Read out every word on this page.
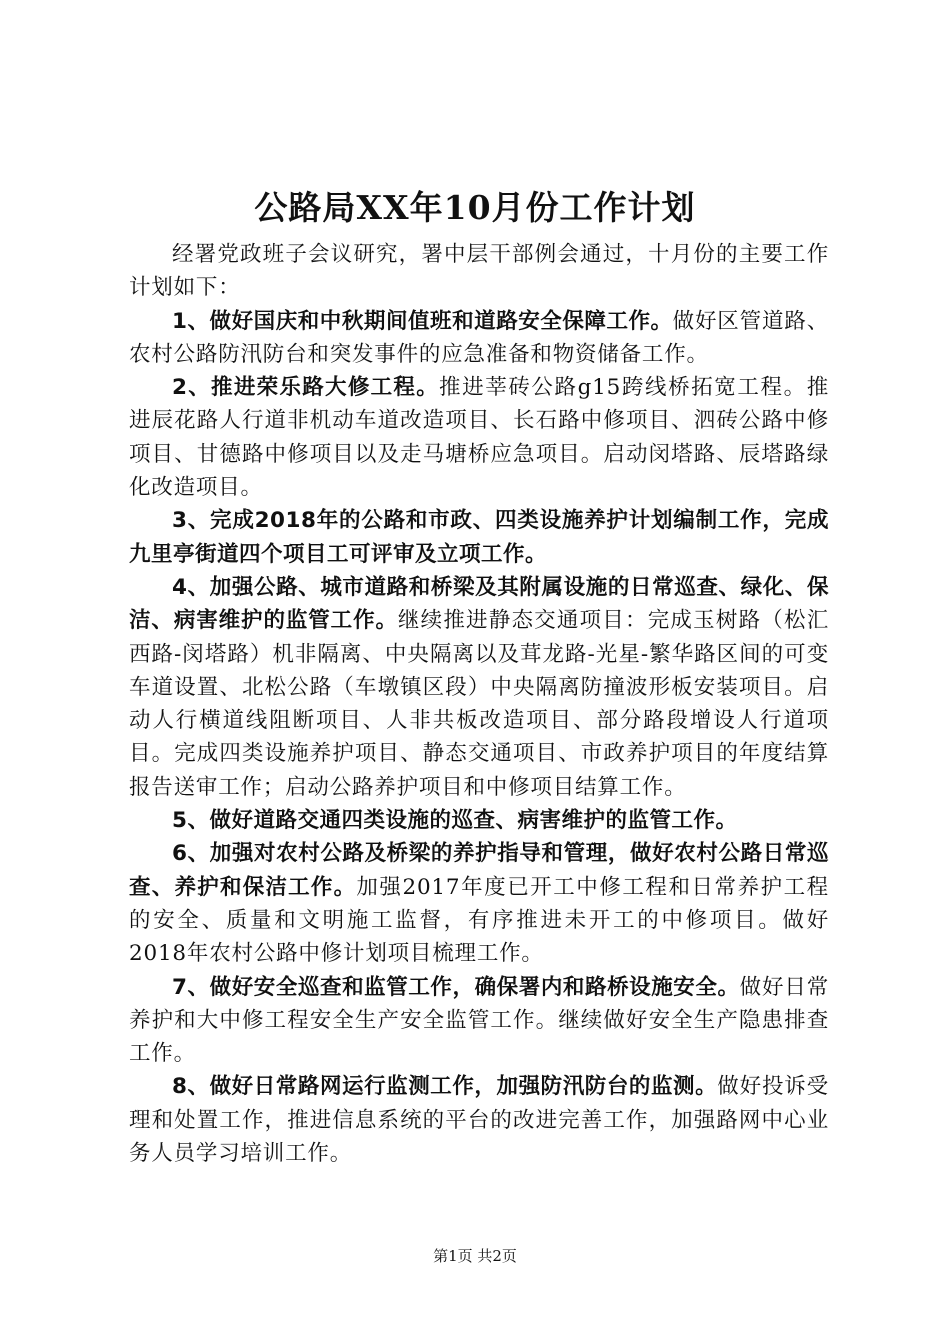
公路局XX年10月份工作计划

经署党政班子会议研究，署中层干部例会通过，十月份的主要工作计划如下：

1、做好国庆和中秋期间值班和道路安全保障工作。做好区管道路、农村公路防汛防台和突发事件的应急准备和物资储备工作。

2、推进荣乐路大修工程。推进莘砖公路g15跨线桥拓宽工程。推进辰花路人行道非机动车道改造项目、长石路中修项目、泗砖公路中修项目、甘德路中修项目以及走马塘桥应急项目。启动闵塔路、辰塔路绿化改造项目。

3、完成2018年的公路和市政、四类设施养护计划编制工作，完成九里亭街道四个项目工可评审及立项工作。

4、加强公路、城市道路和桥梁及其附属设施的日常巡查、绿化、保洁、病害维护的监管工作。继续推进静态交通项目：完成玉树路（松汇西路-闵塔路）机非隔离、中央隔离以及茸龙路-光星-繁华路区间的可变车道设置、北松公路（车墩镇区段）中央隔离防撞波形板安装项目。启动人行横道线阻断项目、人非共板改造项目、部分路段增设人行道项目。完成四类设施养护项目、静态交通项目、市政养护项目的年度结算报告送审工作；启动公路养护项目和中修项目结算工作。

5、做好道路交通四类设施的巡查、病害维护的监管工作。

6、加强对农村公路及桥梁的养护指导和管理，做好农村公路日常巡查、养护和保洁工作。加强2017年度已开工中修工程和日常养护工程的安全、质量和文明施工监督，有序推进未开工的中修项目。做好2018年农村公路中修计划项目梳理工作。

7、做好安全巡查和监管工作，确保署内和路桥设施安全。做好日常养护和大中修工程安全生产安全监管工作。继续做好安全生产隐患排查工作。

8、做好日常路网运行监测工作，加强防汛防台的监测。做好投诉受理和处置工作，推进信息系统的平台的改进完善工作，加强路网中心业务人员学习培训工作。

第1页 共2页
